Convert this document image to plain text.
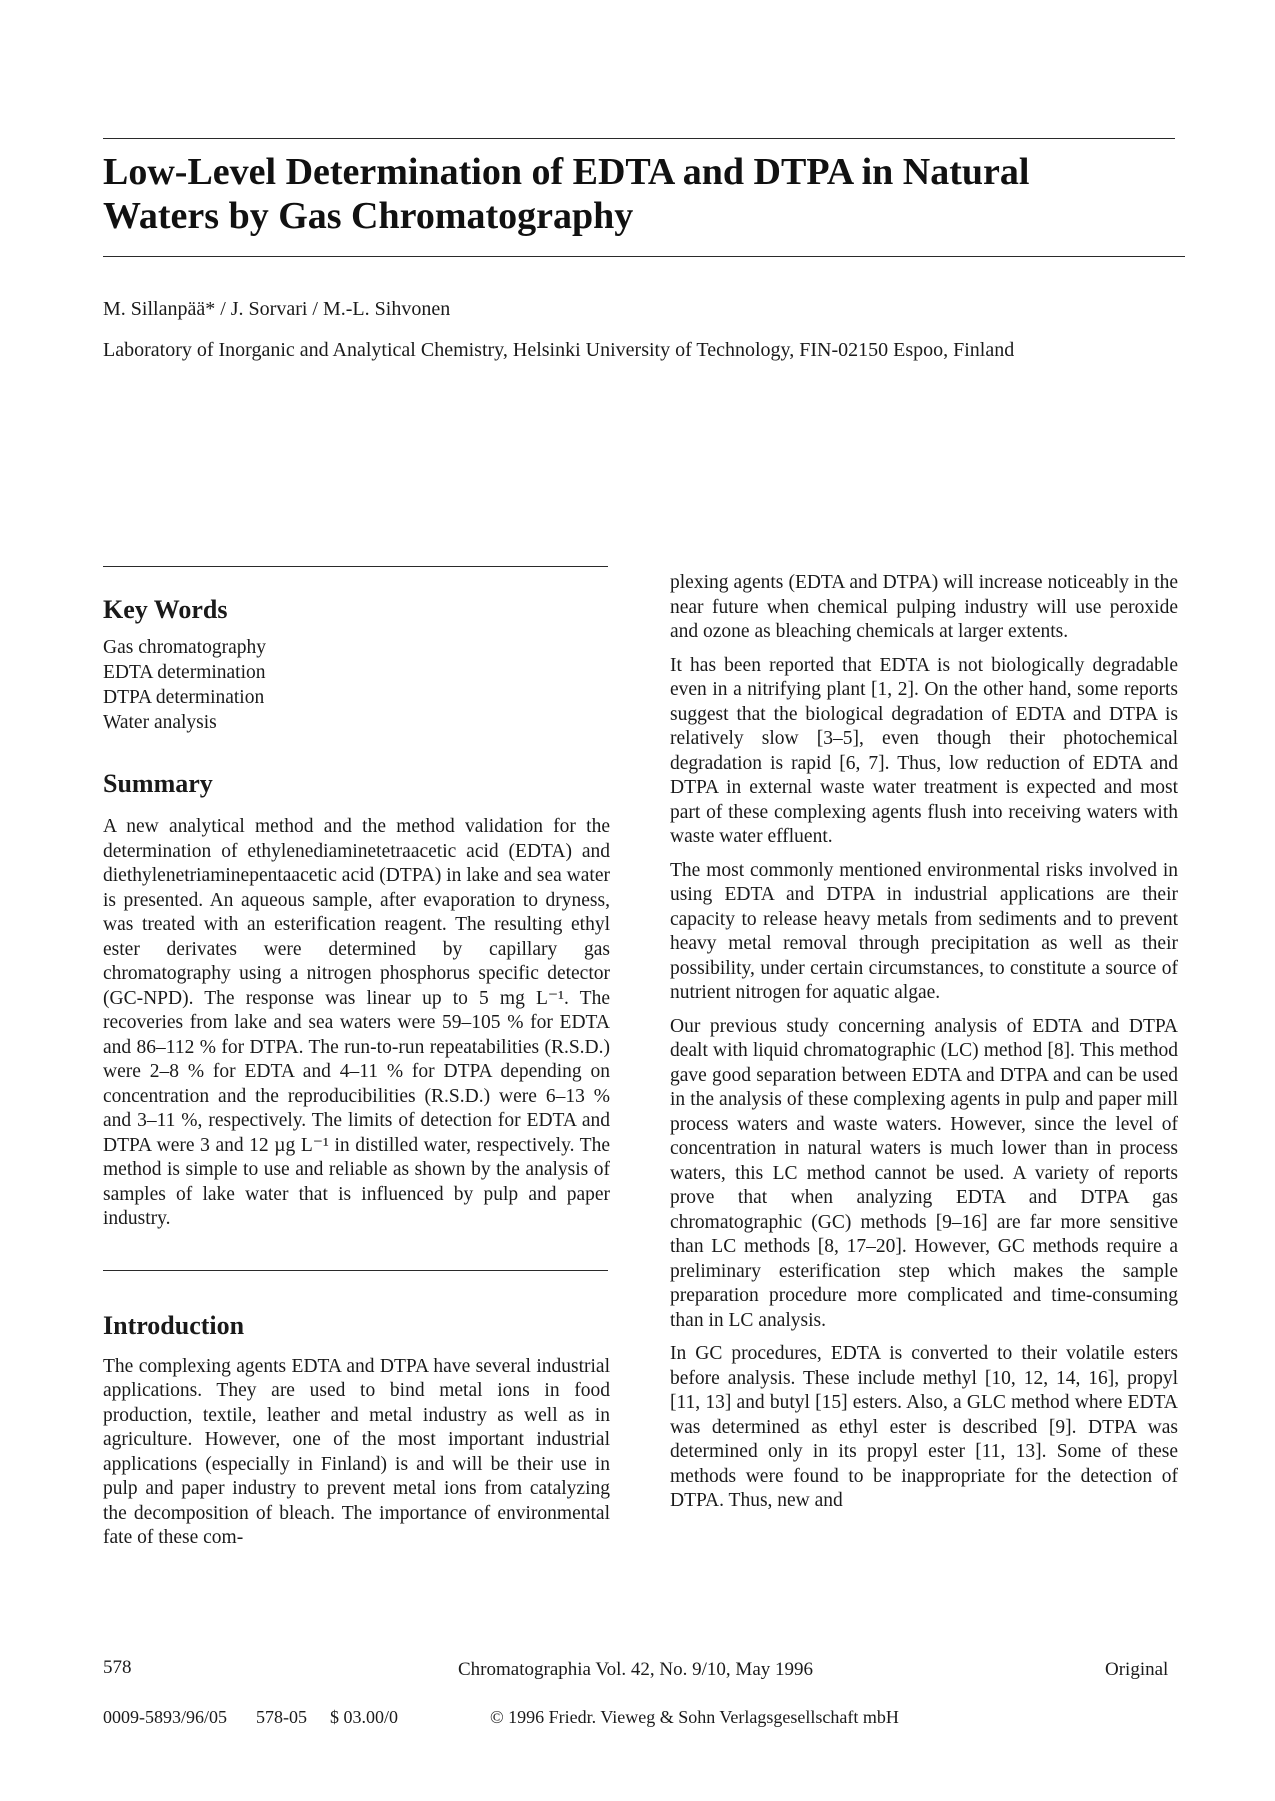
Low-Level Determination of EDTA and DTPA in Natural Waters by Gas Chromatography
M. Sillanpää* / J. Sorvari / M.-L. Sihvonen
Laboratory of Inorganic and Analytical Chemistry, Helsinki University of Technology, FIN-02150 Espoo, Finland
Key Words
Gas chromatography
EDTA determination
DTPA determination
Water analysis
Summary

A new analytical method and the method validation for the determination of ethylenediaminetetraacetic acid (EDTA) and diethylenetriaminepentaacetic acid (DTPA) in lake and sea water is presented. An aqueous sample, after evaporation to dryness, was treated with an esterification reagent. The resulting ethyl ester derivates were determined by capillary gas chromatography using a nitrogen phosphorus specific detector (GC-NPD). The response was linear up to 5 mg L⁻¹. The recoveries from lake and sea waters were 59–105 % for EDTA and 86–112 % for DTPA. The run-to-run repeatabilities (R.S.D.) were 2–8 % for EDTA and 4–11 % for DTPA depending on concentration and the reproducibilities (R.S.D.) were 6–13 % and 3–11 %, respectively. The limits of detection for EDTA and DTPA were 3 and 12 µg L⁻¹ in distilled water, respectively. The method is simple to use and reliable as shown by the analysis of samples of lake water that is influenced by pulp and paper industry.

Introduction

The complexing agents EDTA and DTPA have several industrial applications. They are used to bind metal ions in food production, textile, leather and metal industry as well as in agriculture. However, one of the most important industrial applications (especially in Finland) is and will be their use in pulp and paper industry to prevent metal ions from catalyzing the decomposition of bleach. The importance of environmental fate of these com-

plexing agents (EDTA and DTPA) will increase noticeably in the near future when chemical pulping industry will use peroxide and ozone as bleaching chemicals at larger extents.

It has been reported that EDTA is not biologically degradable even in a nitrifying plant [1, 2]. On the other hand, some reports suggest that the biological degradation of EDTA and DTPA is relatively slow [3–5], even though their photochemical degradation is rapid [6, 7]. Thus, low reduction of EDTA and DTPA in external waste water treatment is expected and most part of these complexing agents flush into receiving waters with waste water effluent.

The most commonly mentioned environmental risks involved in using EDTA and DTPA in industrial applications are their capacity to release heavy metals from sediments and to prevent heavy metal removal through precipitation as well as their possibility, under certain circumstances, to constitute a source of nutrient nitrogen for aquatic algae.

Our previous study concerning analysis of EDTA and DTPA dealt with liquid chromatographic (LC) method [8]. This method gave good separation between EDTA and DTPA and can be used in the analysis of these complexing agents in pulp and paper mill process waters and waste waters. However, since the level of concentration in natural waters is much lower than in process waters, this LC method cannot be used. A variety of reports prove that when analyzing EDTA and DTPA gas chromatographic (GC) methods [9–16] are far more sensitive than LC methods [8, 17–20]. However, GC methods require a preliminary esterification step which makes the sample preparation procedure more complicated and time-consuming than in LC analysis.

In GC procedures, EDTA is converted to their volatile esters before analysis. These include methyl [10, 12, 14, 16], propyl [11, 13] and butyl [15] esters. Also, a GLC method where EDTA was determined as ethyl ester is described [9]. DTPA was determined only in its propyl ester [11, 13]. Some of these methods were found to be inappropriate for the detection of DTPA. Thus, new and

578	Chromatographia Vol. 42, No. 9/10, May 1996	Original
0009-5893/96/05 578-05 $ 03.00/0	© 1996 Friedr. Vieweg & Sohn Verlagsgesellschaft mbH
